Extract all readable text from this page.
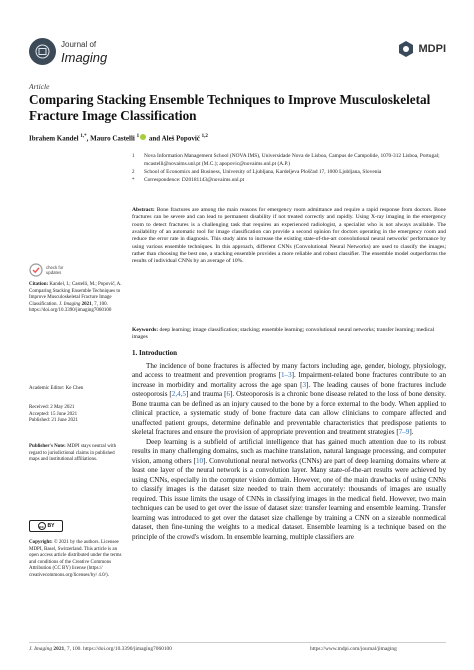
Journal of
Imaging
MDPI
Article
Comparing Stacking Ensemble Techniques to Improve Musculoskeletal Fracture Image Classification
Ibrahem Kandel $^{1,*}$, Mauro Castelli $^1$ and Aleš Popovič $^{1,2}$
1 Nova Information Management School (NOVA IMS), Universidade Nova de Lisboa, Campus de Campolide, 1070-312 Lisboa, Portugal; mcastelli@novaims.unl.pt (M.C.); apopovic@novaims.unl.pt (A.P.)
2 School of Economics and Business, University of Ljubljana, Kardeljeva Ploščad 17, 1000 Ljubljana, Slovenia
* Correspondence: D20181143@novaims.unl.pt
Abstract: Bone fractures are among the main reasons for emergency room admittance and require a rapid response from doctors. Bone fractures can be severe and can lead to permanent disability if not treated correctly and rapidly. Using X-ray imaging in the emergency room to detect fractures is a challenging task that requires an experienced radiologist, a specialist who is not always available. The availability of an automatic tool for image classification can provide a second opinion for doctors operating in the emergency room and reduce the error rate in diagnosis. This study aims to increase the existing state-of-the-art convolutional neural networks' performance by using various ensemble techniques. In this approach, different CNNs (Convolutional Neural Networks) are used to classify the images; rather than choosing the best one, a stacking ensemble provides a more reliable and robust classifier. The ensemble model outperforms the results of individual CNNs by an average of 10%.
Keywords: deep learning; image classification; stacking; ensemble learning; convolutional neural networks; transfer learning; medical images
check for
updates
Citation: Kandel, I.; Castelli, M.; Popovič, A. Comparing Stacking Ensemble Techniques to Improve Musculoskeletal Fracture Image Classification. J. Imaging 2021, 7, 100. https://doi.org/10.3390/jimaging7060100
Academic Editor: Ke Chen
Received: 2 May 2021
Accepted: 15 June 2021
Published: 21 June 2021
Publisher's Note: MDPI stays neutral with regard to jurisdictional claims in published maps and institutional affiliations.
cc BY
Copyright: © 2021 by the authors. Licensee MDPI, Basel, Switzerland. This article is an open access article distributed under the terms and conditions of the Creative Commons Attribution (CC BY) license (https:// creativecommons.org/licenses/by/ 4.0/).
1. Introduction

The incidence of bone fractures is affected by many factors including age, gender, biology, physiology, and access to treatment and prevention programs [1–3]. Impairment-related bone fractures contribute to an increase in morbidity and mortality across the age span [3]. The leading causes of bone fractures include osteoporosis [2,4,5] and trauma [6]. Osteoporosis is a chronic bone disease related to the loss of bone density. Bone trauma can be defined as an injury caused to the bone by a force external to the body. When applied to clinical practice, a systematic study of bone fracture data can allow clinicians to compare affected and unaffected patient groups, determine definable and preventable characteristics that predispose patients to skeletal fractures and ensure the provision of appropriate prevention and treatment strategies [7–9].

Deep learning is a subfield of artificial intelligence that has gained much attention due to its robust results in many challenging domains, such as machine translation, natural language processing, and computer vision, among others [10]. Convolutional neural networks (CNNs) are part of deep learning domains where at least one layer of the neural network is a convolution layer. Many state-of-the-art results were achieved by using CNNs, especially in the computer vision domain. However, one of the main drawbacks of using CNNs to classify images is the dataset size needed to train them accurately: thousands of images are usually required. This issue limits the usage of CNNs in classifying images in the medical field. However, two main techniques can be used to get over the issue of dataset size: transfer learning and ensemble learning. Transfer learning was introduced to get over the dataset size challenge by training a CNN on a sizeable nonmedical dataset, then fine-tuning the weights to a medical dataset. Ensemble learning is a technique based on the principle of the crowd's wisdom. In ensemble learning, multiple classifiers are

J. Imaging 2021, 7, 100. https://doi.org/10.3390/jimaging7060100	https://www.mdpi.com/journal/jimaging
